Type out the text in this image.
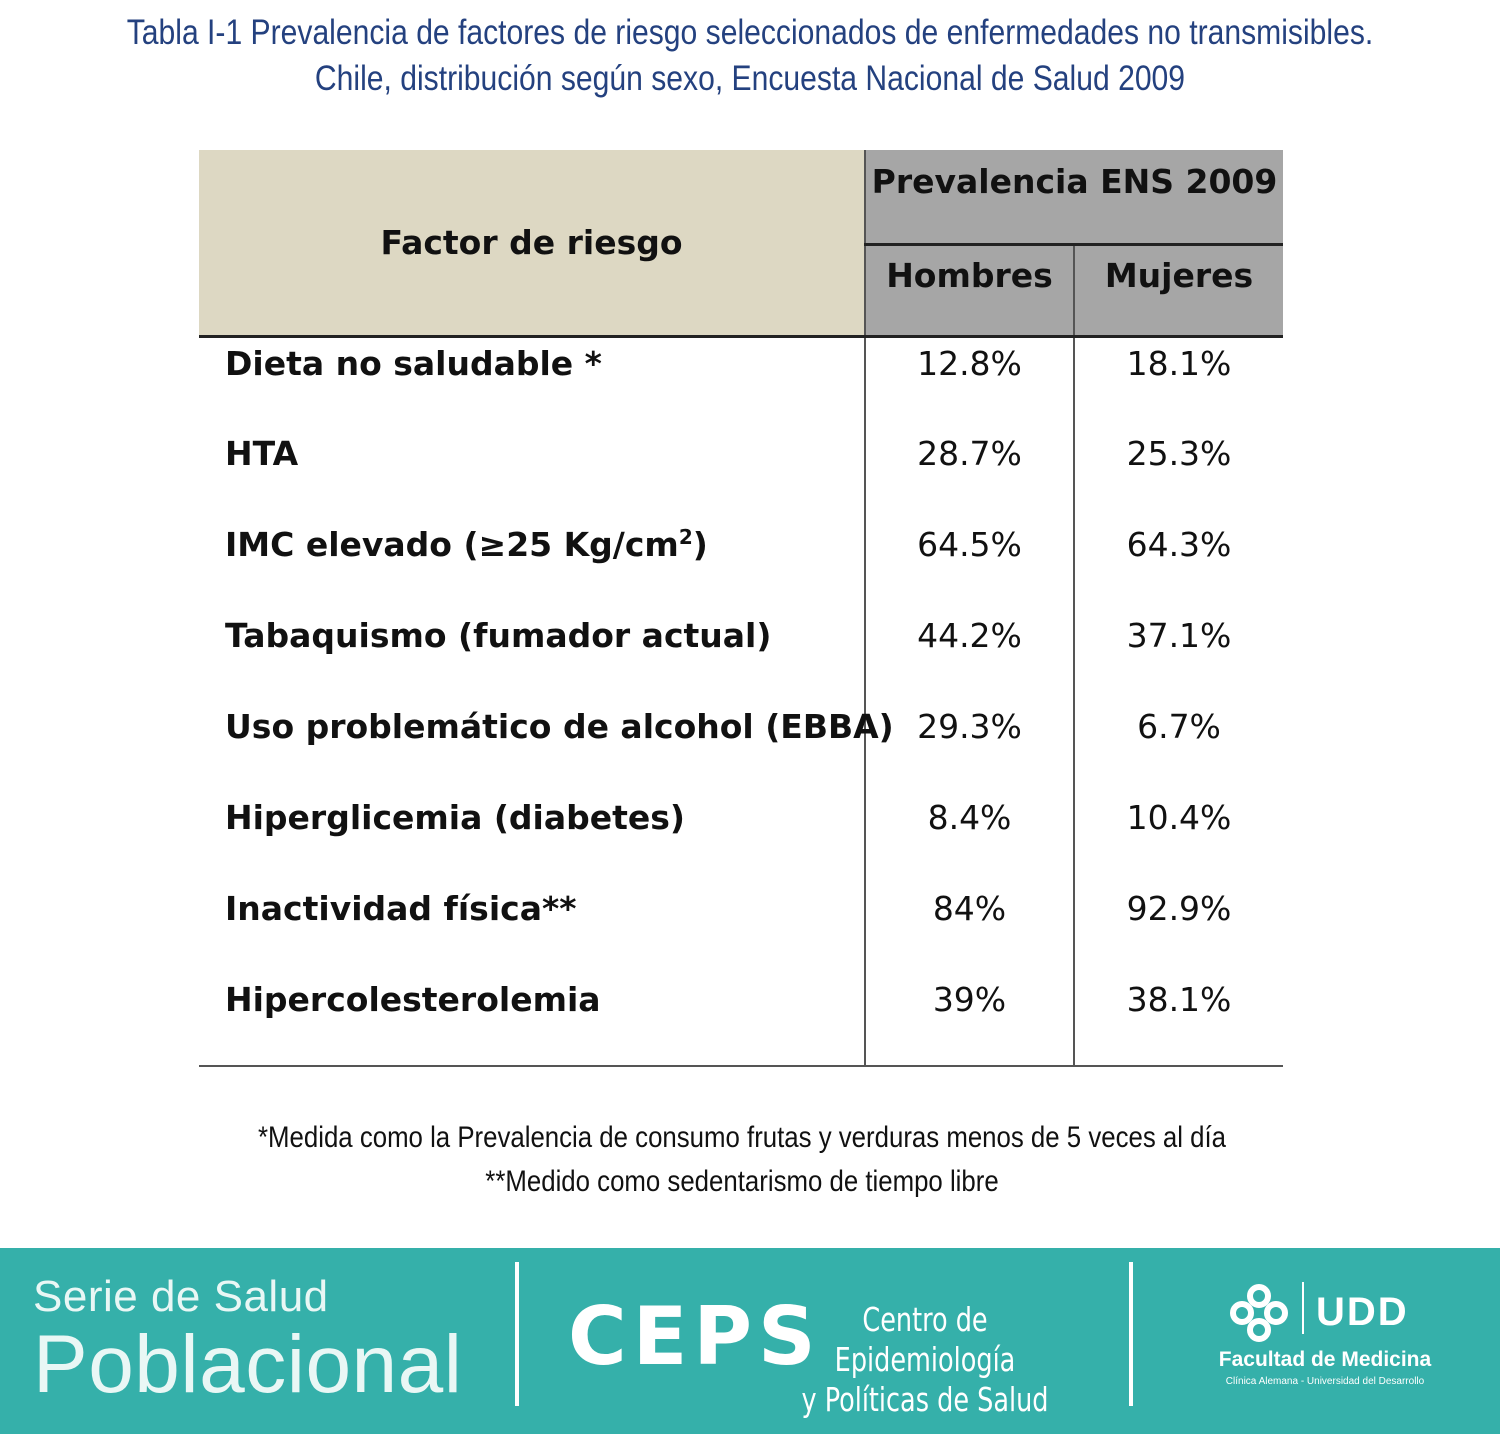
Tabla I-1 Prevalencia de factores de riesgo seleccionados de enfermedades no transmisibles.
Chile, distribución según sexo, Encuesta Nacional de Salud 2009
Factor de riesgo	Prevalencia ENS 2009	
	Hombres	Mujeres
Dieta no saludable *	12.8%	18.1%
HTA	28.7%	25.3%
IMC elevado (≥25 $Kg/cm^2$)	64.5%	64.3%
Tabaquismo (fumador actual)	44.2%	37.1%
Uso problemático de alcohol (EBBA)	29.3%	6.7%
Hiperglicemia (diabetes)	8.4%	10.4%
Inactividad física**	84%	92.9%
Hipercolesterolemia	39%	38.1%
*Medida como la Prevalencia de consumo frutas y verduras menos de 5 veces al día
**Medido como sedentarismo de tiempo libre
Serie de Salud
Poblacional CEPS	Centro de Epidemiología
y Políticas de Salud
UDD
Facultad de Medicina
Clínica Alemana - Universidad del Desarrollo
